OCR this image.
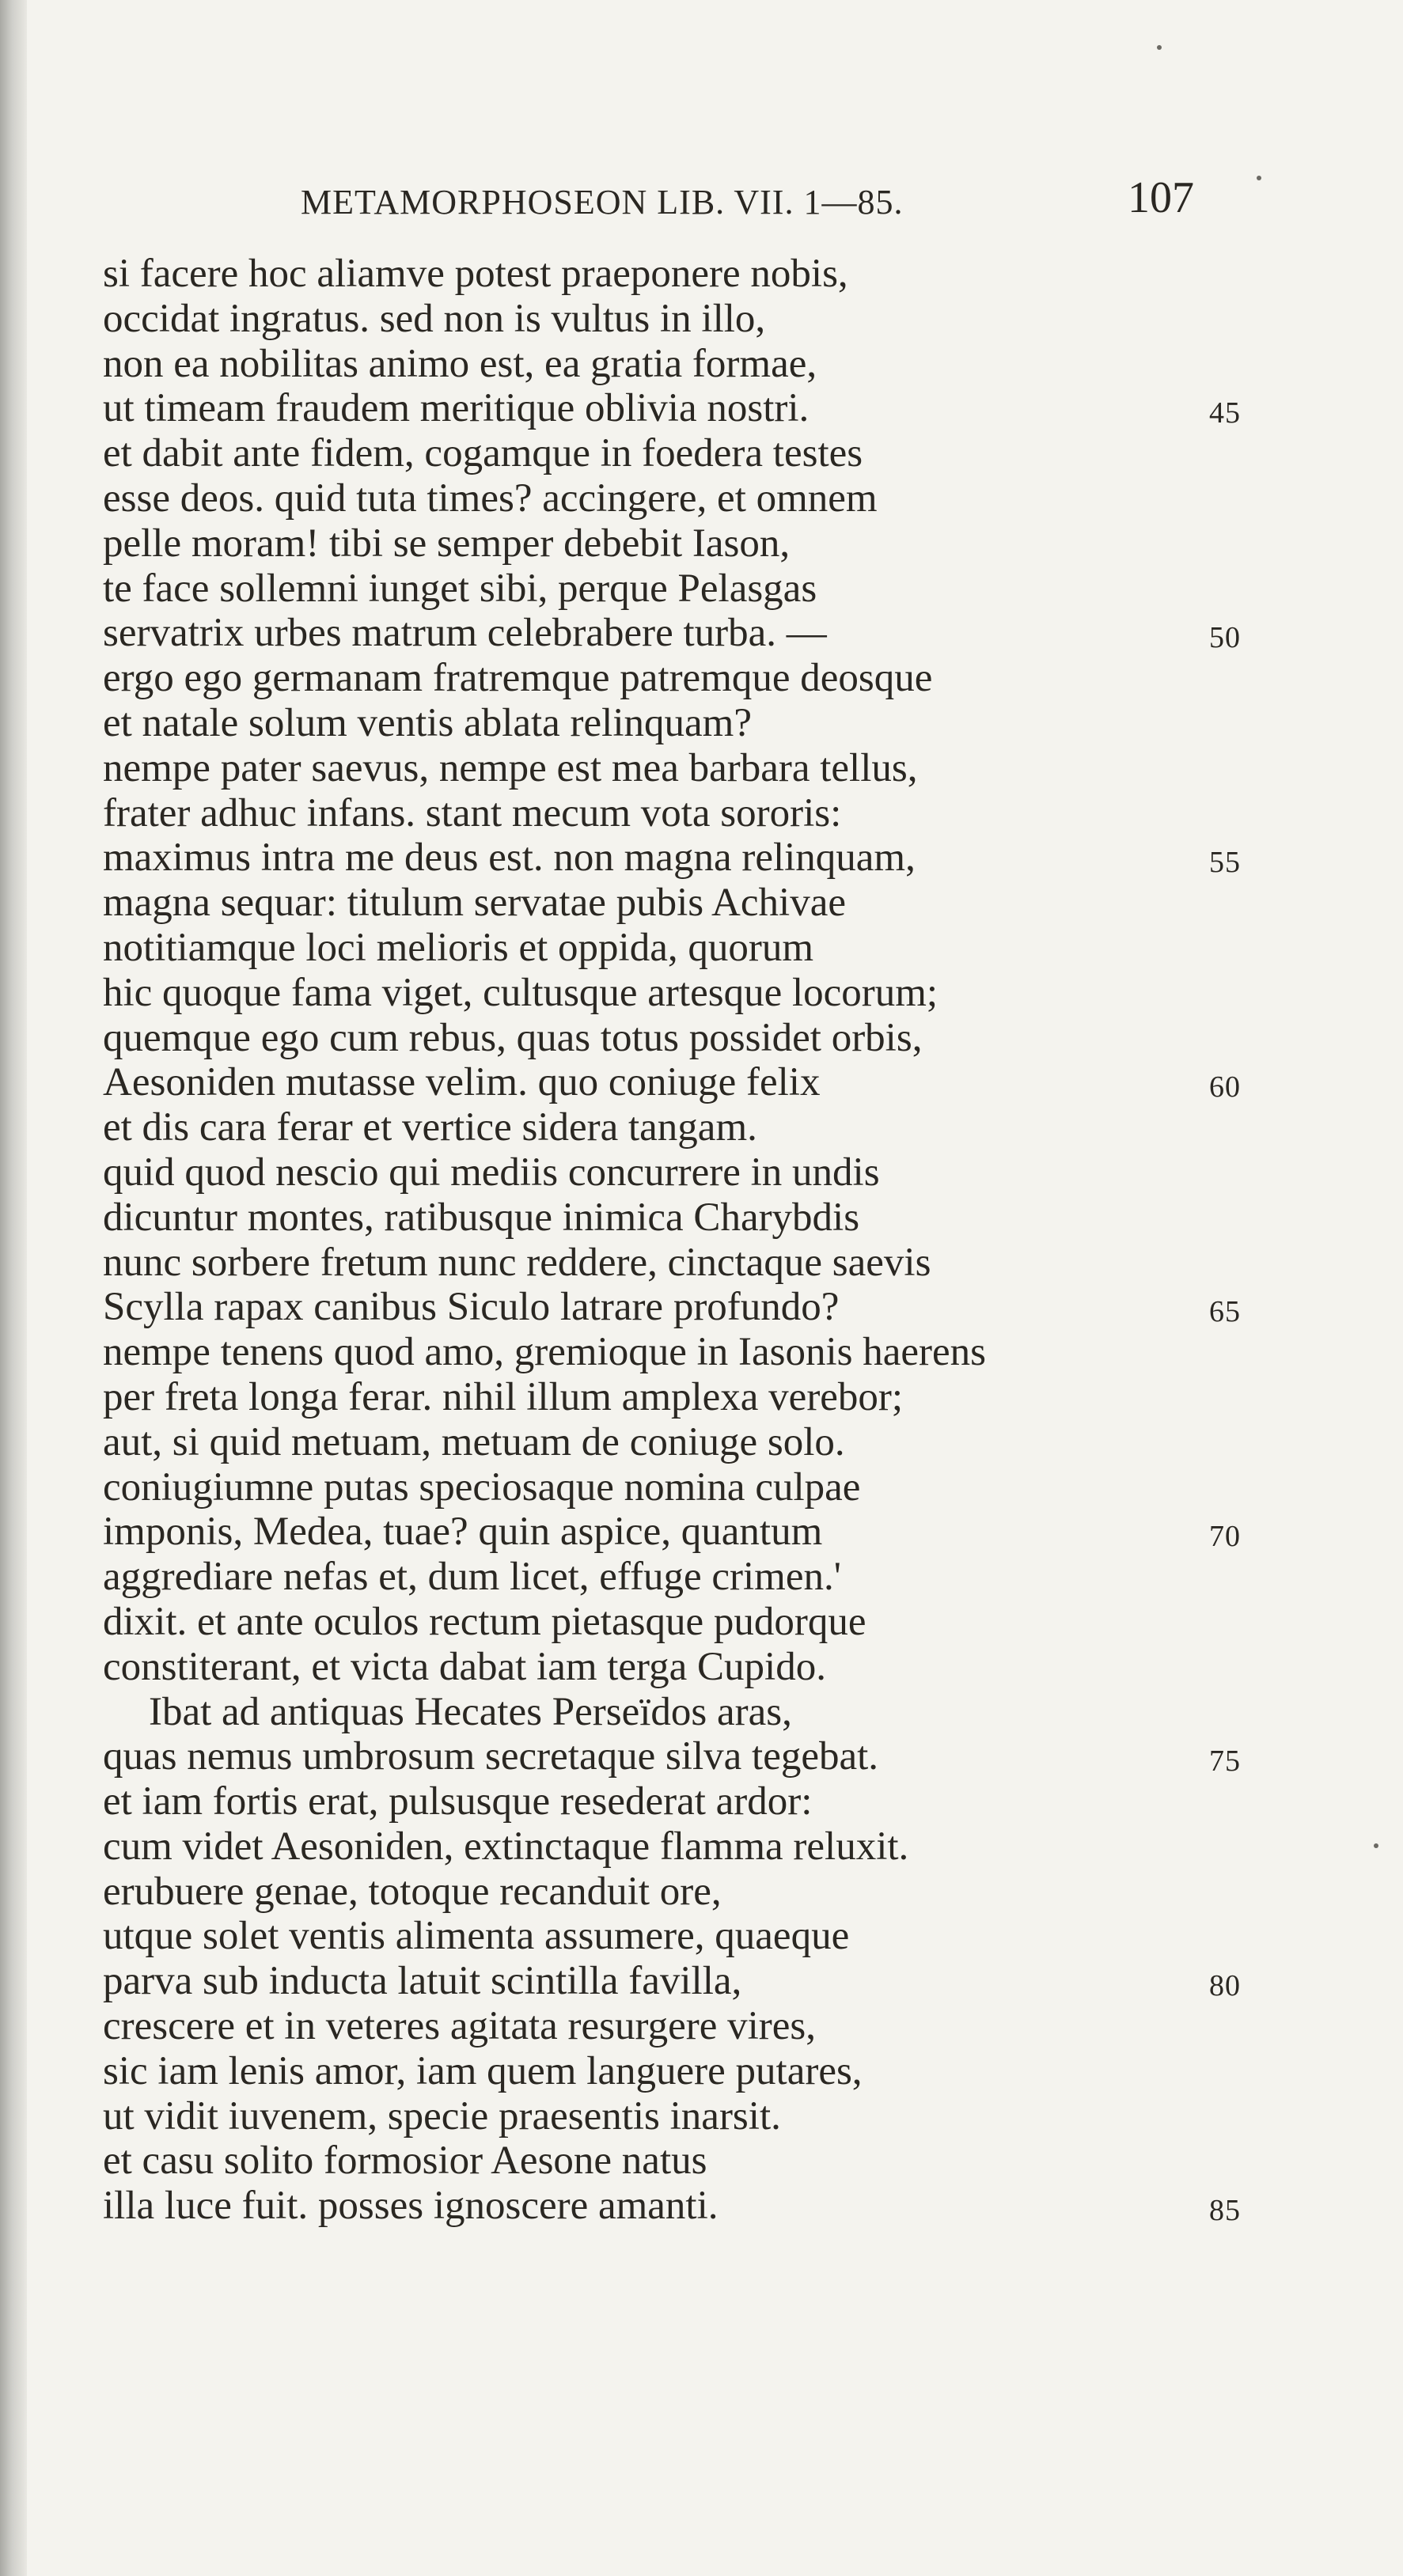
METAMORPHOSEON LIB. VII. 1—85.	107
si facere hoc aliamve potest praeponere nobis,
occidat ingratus. sed non is vultus in illo,
non ea nobilitas animo est, ea gratia formae,
ut timeam fraudem meritique oblivia nostri.	45
et dabit ante fidem, cogamque in foedera testes
esse deos. quid tuta times? accingere, et omnem
pelle moram! tibi se semper debebit Iason,
te face sollemni iunget sibi, perque Pelasgas
servatrix urbes matrum celebrabere turba. —	50
ergo ego germanam fratremque patremque deosque
et natale solum ventis ablata relinquam?
nempe pater saevus, nempe est mea barbara tellus,
frater adhuc infans. stant mecum vota sororis:
maximus intra me deus est. non magna relinquam,	55
magna sequar: titulum servatae pubis Achivae
notitiamque loci melioris et oppida, quorum
hic quoque fama viget, cultusque artesque locorum;
quemque ego cum rebus, quas totus possidet orbis,
Aesoniden mutasse velim. quo coniuge felix	60
et dis cara ferar et vertice sidera tangam.
quid quod nescio qui mediis concurrere in undis
dicuntur montes, ratibusque inimica Charybdis
nunc sorbere fretum nunc reddere, cinctaque saevis
Scylla rapax canibus Siculo latrare profundo?	65
nempe tenens quod amo, gremioque in Iasonis haerens
per freta longa ferar. nihil illum amplexa verebor;
aut, si quid metuam, metuam de coniuge solo.
coniugiumne putas speciosaque nomina culpae
imponis, Medea, tuae? quin aspice, quantum	70
aggrediare nefas et, dum licet, effuge crimen.'
dixit. et ante oculos rectum pietasque pudorque
constiterant, et victa dabat iam terga Cupido.
Ibat ad antiquas Hecates Perseïdos aras,
quas nemus umbrosum secretaque silva tegebat.	75
et iam fortis erat, pulsusque resederat ardor:
cum videt Aesoniden, extinctaque flamma reluxit.
erubuere genae, totoque recanduit ore,
utque solet ventis alimenta assumere, quaeque
parva sub inducta latuit scintilla favilla,	80
crescere et in veteres agitata resurgere vires,
sic iam lenis amor, iam quem languere putares,
ut vidit iuvenem, specie praesentis inarsit.
et casu solito formosior Aesone natus
illa luce fuit. posses ignoscere amanti.	85
